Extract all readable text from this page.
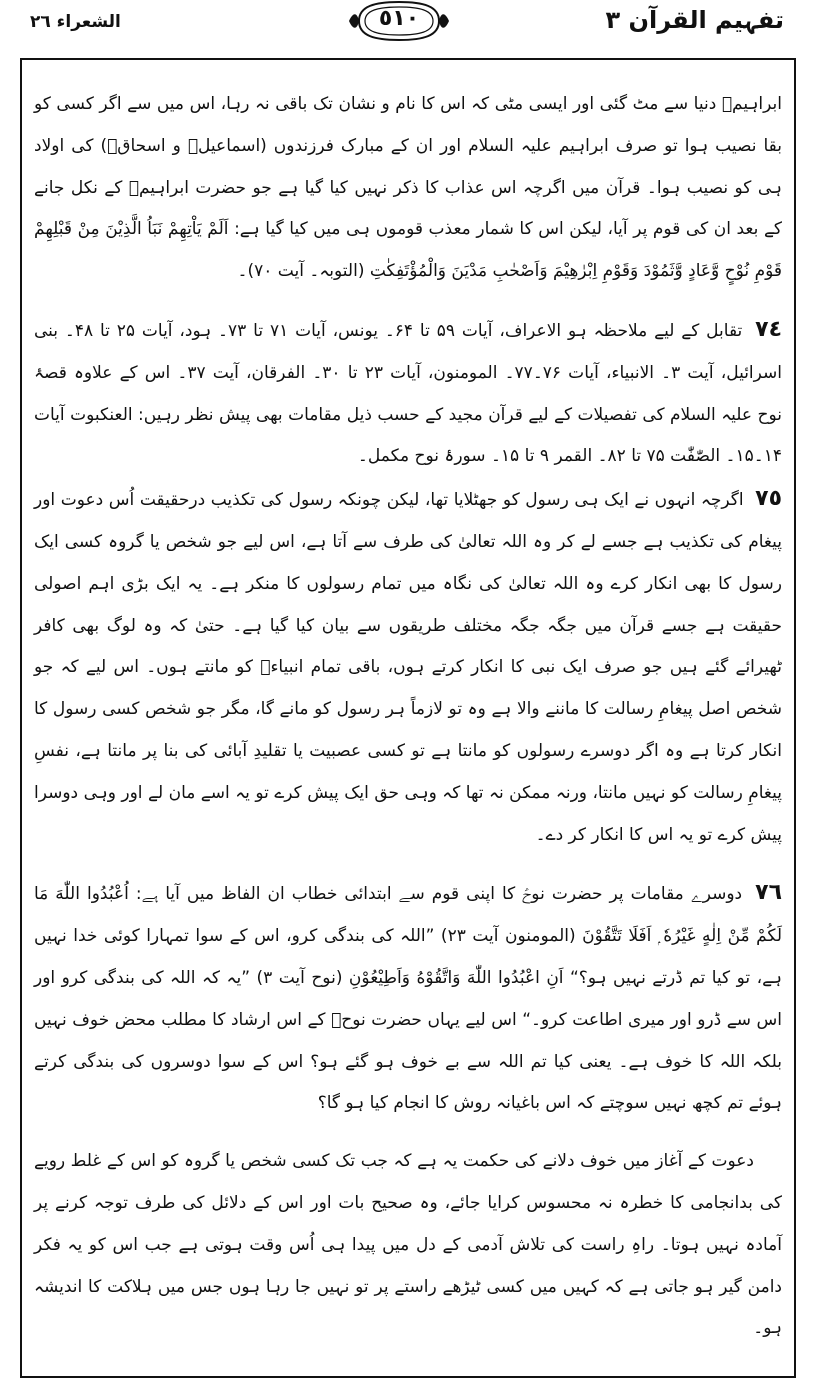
الشعراء ٢٦	٥١٠	تفہیم القرآن ۳

ابراہیمؑ دنیا سے مٹ گئی اور ایسی مٹی کہ اس کا نام و نشان تک باقی نہ رہا، اس میں سے اگر کسی کو بقا نصیب ہوا تو صرف ابراہیم علیہ السلام اور ان کے مبارک فرزندوں (اسماعیلؑ و اسحاقؑ) کی اولاد ہی کو نصیب ہوا۔ قرآن میں اگرچہ اس عذاب کا ذکر نہیں کیا گیا ہے جو حضرت ابراہیمؑ کے نکل جانے کے بعد ان کی قوم پر آیا، لیکن اس کا شمار معذب قوموں ہی میں کیا گیا ہے: اَلَمْ یَاْتِهِمْ نَبَاُ الَّذِیْنَ مِنْ قَبْلِهِمْ قَوْمِ نُوْحٍ وَّعَادٍ وَّثَمُوْدَ وَقَوْمِ اِبْرٰهِیْمَ وَاَصْحٰبِ مَدْیَنَ وَالْمُؤْتَفِكٰتِ (التوبہ۔ آیت ۷۰)۔

٧٤ تقابل کے لیے ملاحظہ ہو الاعراف، آیات ۵۹ تا ۶۴۔ یونس، آیات ۷۱ تا ۷۳۔ ہود، آیات ۲۵ تا ۴۸۔ بنی اسرائیل، آیت ۳۔ الانبیاء، آیات ۷۶۔۷۷۔ المومنون، آیات ۲۳ تا ۳۰۔ الفرقان، آیت ۳۷۔ اس کے علاوہ قصۂ نوح علیہ السلام کی تفصیلات کے لیے قرآن مجید کے حسب ذیل مقامات بھی پیش نظر رہیں: العنکبوت آیات ۱۴۔۱۵۔ الصّٰفّٰت ۷۵ تا ۸۲۔ القمر ۹ تا ۱۵۔ سورۂ نوح مکمل۔

٧٥ اگرچہ انہوں نے ایک ہی رسول کو جھٹلایا تھا، لیکن چونکہ رسول کی تکذیب درحقیقت اُس دعوت اور پیغام کی تکذیب ہے جسے لے کر وہ اللہ تعالیٰ کی طرف سے آتا ہے، اس لیے جو شخص یا گروہ کسی ایک رسول کا بھی انکار کرے وہ اللہ تعالیٰ کی نگاہ میں تمام رسولوں کا منکر ہے۔ یہ ایک بڑی اہم اصولی حقیقت ہے جسے قرآن میں جگہ جگہ مختلف طریقوں سے بیان کیا گیا ہے۔ حتیٰ کہ وہ لوگ بھی کافر ٹھیرائے گئے ہیں جو صرف ایک نبی کا انکار کرتے ہوں، باقی تمام انبیاءؑ کو مانتے ہوں۔ اس لیے کہ جو شخص اصل پیغامِ رسالت کا ماننے والا ہے وہ تو لازماً ہر رسول کو مانے گا، مگر جو شخص کسی رسول کا انکار کرتا ہے وہ اگر دوسرے رسولوں کو مانتا ہے تو کسی عصبیت یا تقلیدِ آبائی کی بنا پر مانتا ہے، نفسِ پیغامِ رسالت کو نہیں مانتا، ورنہ ممکن نہ تھا کہ وہی حق ایک پیش کرے تو یہ اسے مان لے اور وہی دوسرا پیش کرے تو یہ اس کا انکار کر دے۔

٧٦ دوسرے مقامات پر حضرت نوحؑ کا اپنی قوم سے ابتدائی خطاب ان الفاظ میں آیا ہے: اُعْبُدُوا اللّٰهَ مَا لَكُمْ مِّنْ اِلٰهٍ غَیْرُهٗ ۭ اَفَلَا تَتَّقُوْنَ (المومنون آیت ۲۳) ”اللہ کی بندگی کرو، اس کے سوا تمہارا کوئی خدا نہیں ہے، تو کیا تم ڈرتے نہیں ہو؟“ اَنِ اعْبُدُوا اللّٰهَ وَاتَّقُوْهُ وَاَطِیْعُوْنِ (نوح آیت ۳) ”یہ کہ اللہ کی بندگی کرو اور اس سے ڈرو اور میری اطاعت کرو۔“ اس لیے یہاں حضرت نوحؑ کے اس ارشاد کا مطلب محض خوف نہیں بلکہ اللہ کا خوف ہے۔ یعنی کیا تم اللہ سے بے خوف ہو گئے ہو؟ اس کے سوا دوسروں کی بندگی کرتے ہوئے تم کچھ نہیں سوچتے کہ اس باغیانہ روش کا انجام کیا ہو گا؟

دعوت کے آغاز میں خوف دلانے کی حکمت یہ ہے کہ جب تک کسی شخص یا گروہ کو اس کے غلط رویے کی بدانجامی کا خطرہ نہ محسوس کرایا جائے، وہ صحیح بات اور اس کے دلائل کی طرف توجہ کرنے پر آمادہ نہیں ہوتا۔ راہِ راست کی تلاش آدمی کے دل میں پیدا ہی اُس وقت ہوتی ہے جب اس کو یہ فکر دامن گیر ہو جاتی ہے کہ کہیں میں کسی ٹیڑھے راستے پر تو نہیں جا رہا ہوں جس میں ہلاکت کا اندیشہ ہو۔
